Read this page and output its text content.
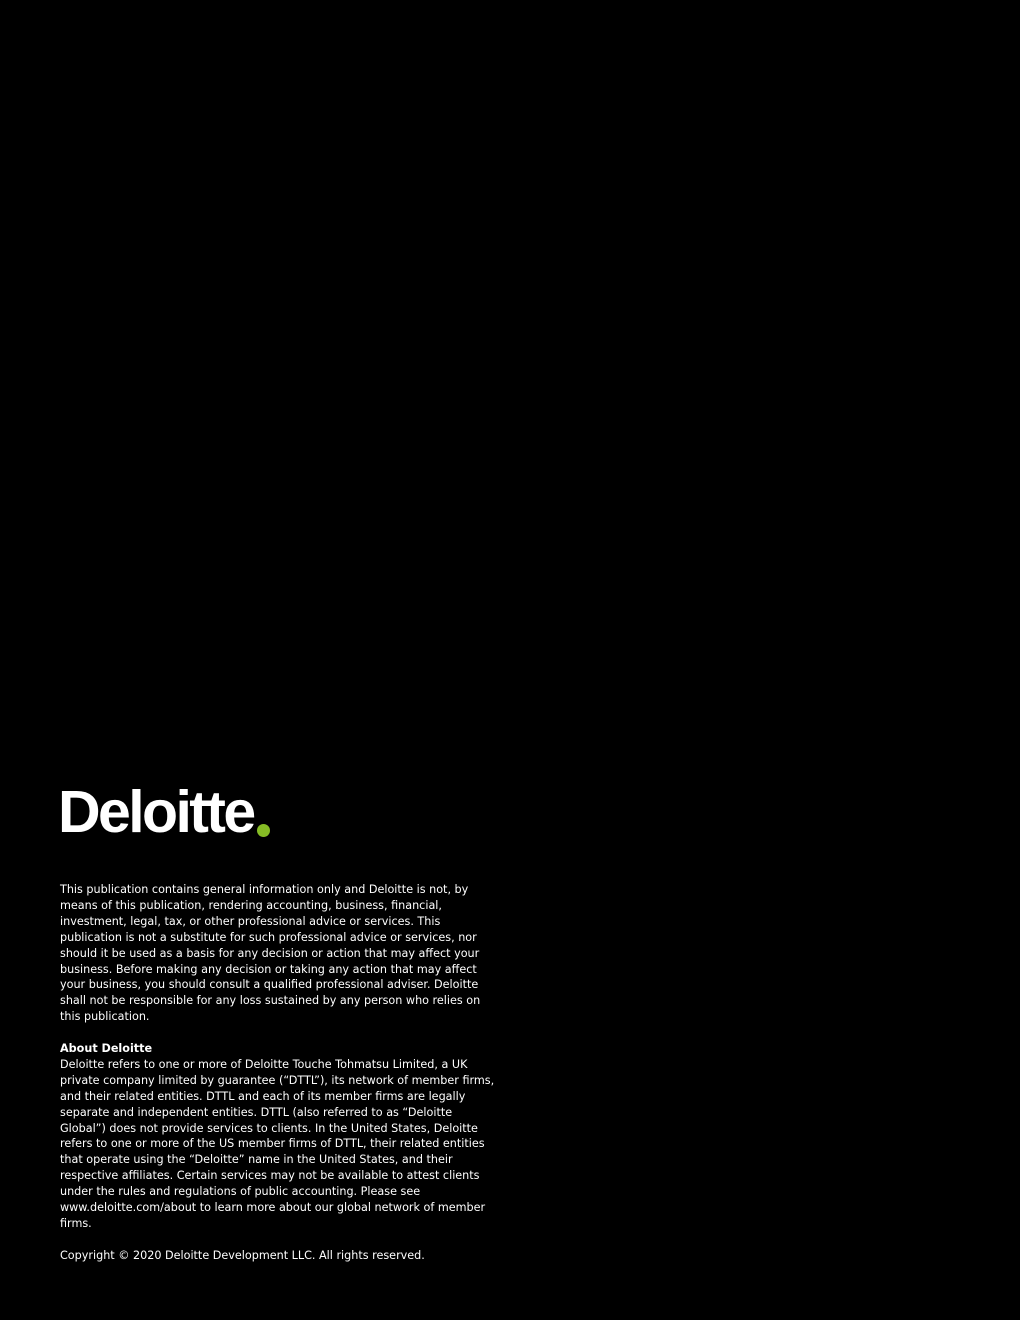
Deloitte

This publication contains general information only and Deloitte is not, by means of this publication, rendering accounting, business, financial, investment, legal, tax, or other professional advice or services. This publication is not a substitute for such professional advice or services, nor should it be used as a basis for any decision or action that may affect your business. Before making any decision or taking any action that may affect your business, you should consult a qualified professional adviser. Deloitte shall not be responsible for any loss sustained by any person who relies on this publication.

About Deloitte
Deloitte refers to one or more of Deloitte Touche Tohmatsu Limited, a UK private company limited by guarantee (“DTTL”), its network of member firms, and their related entities. DTTL and each of its member firms are legally separate and independent entities. DTTL (also referred to as “Deloitte Global”) does not provide services to clients. In the United States, Deloitte refers to one or more of the US member firms of DTTL, their related entities that operate using the “Deloitte” name in the United States, and their respective affiliates. Certain services may not be available to attest clients under the rules and regulations of public accounting. Please see www.deloitte.com/about to learn more about our global network of member firms.

Copyright © 2020 Deloitte Development LLC. All rights reserved.
